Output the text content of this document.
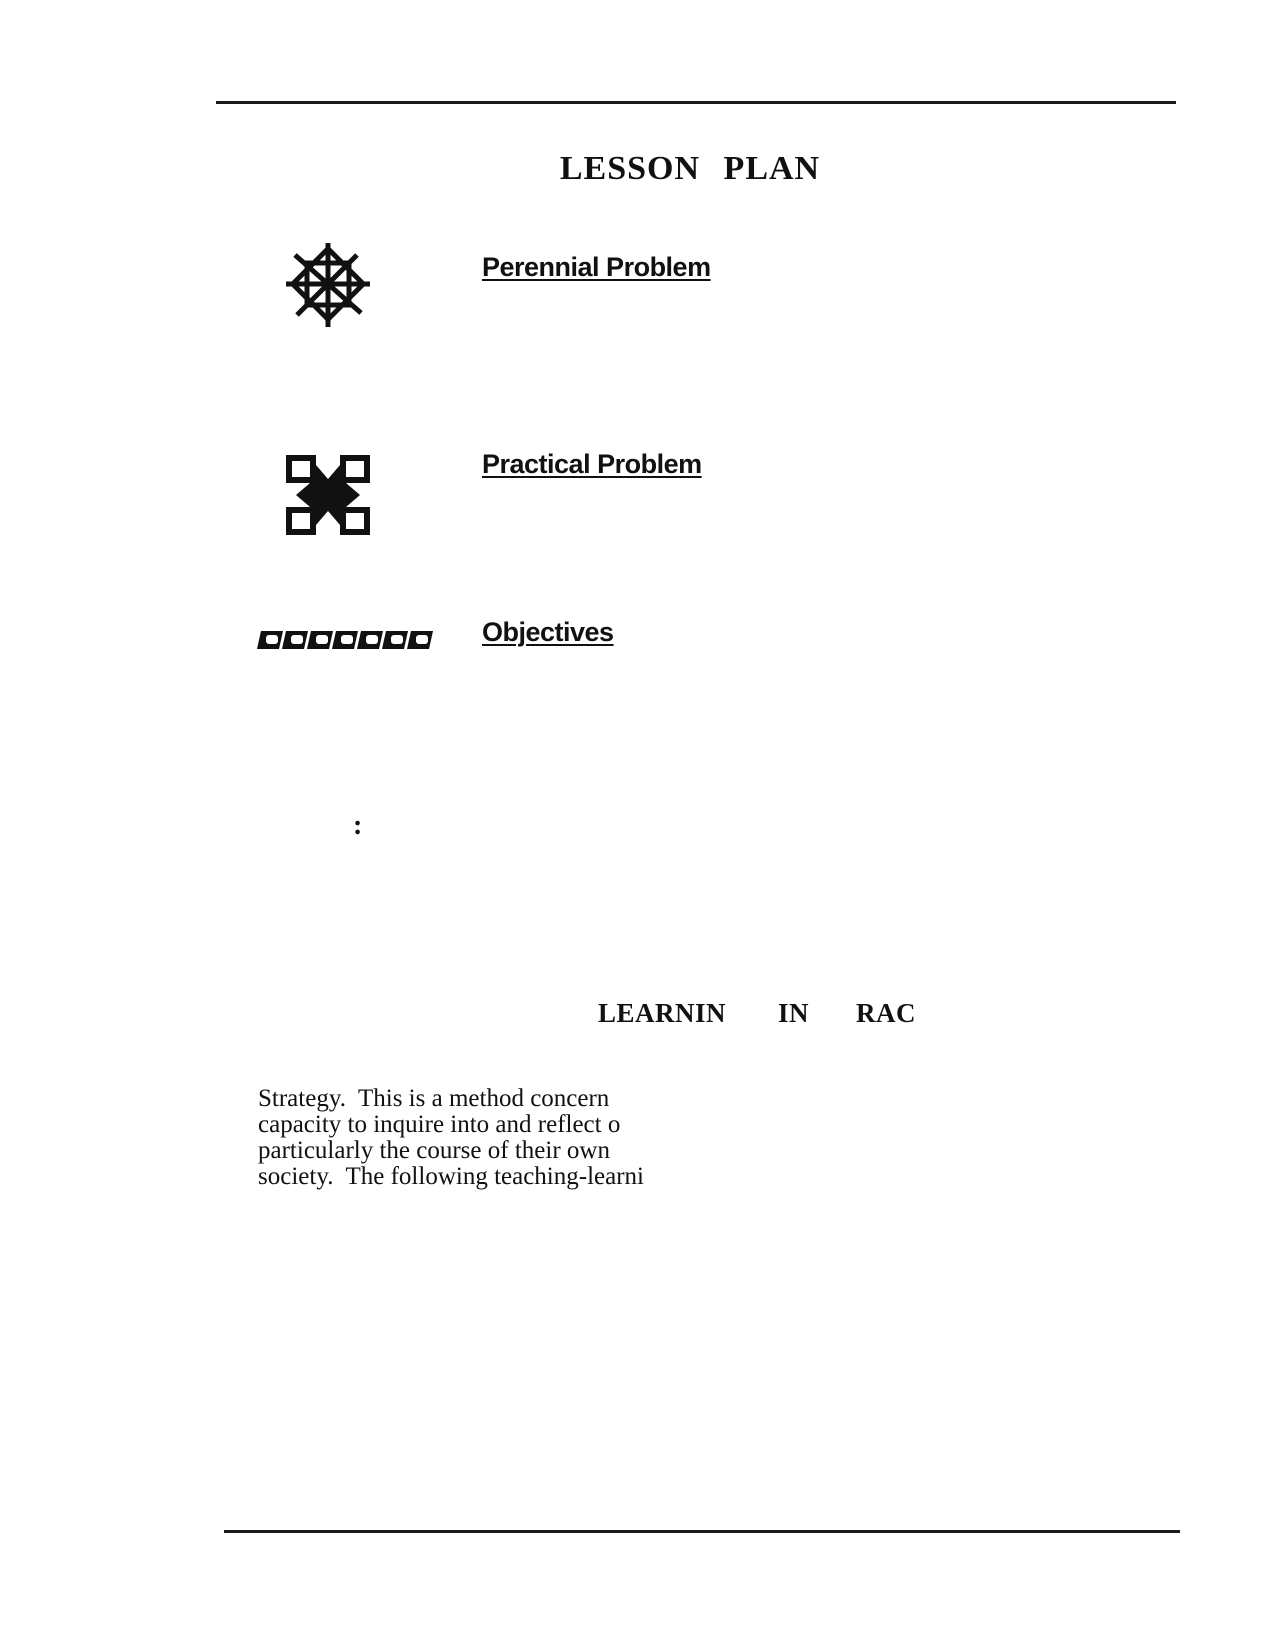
LESSON PLAN
Perennial Problem
Practical Problem
Objectives
:
LEARNIN IN RAC
Strategy.  This is a method concern
capacity to inquire into and reflect o
particularly the course of their own
society.  The following teaching-learni
